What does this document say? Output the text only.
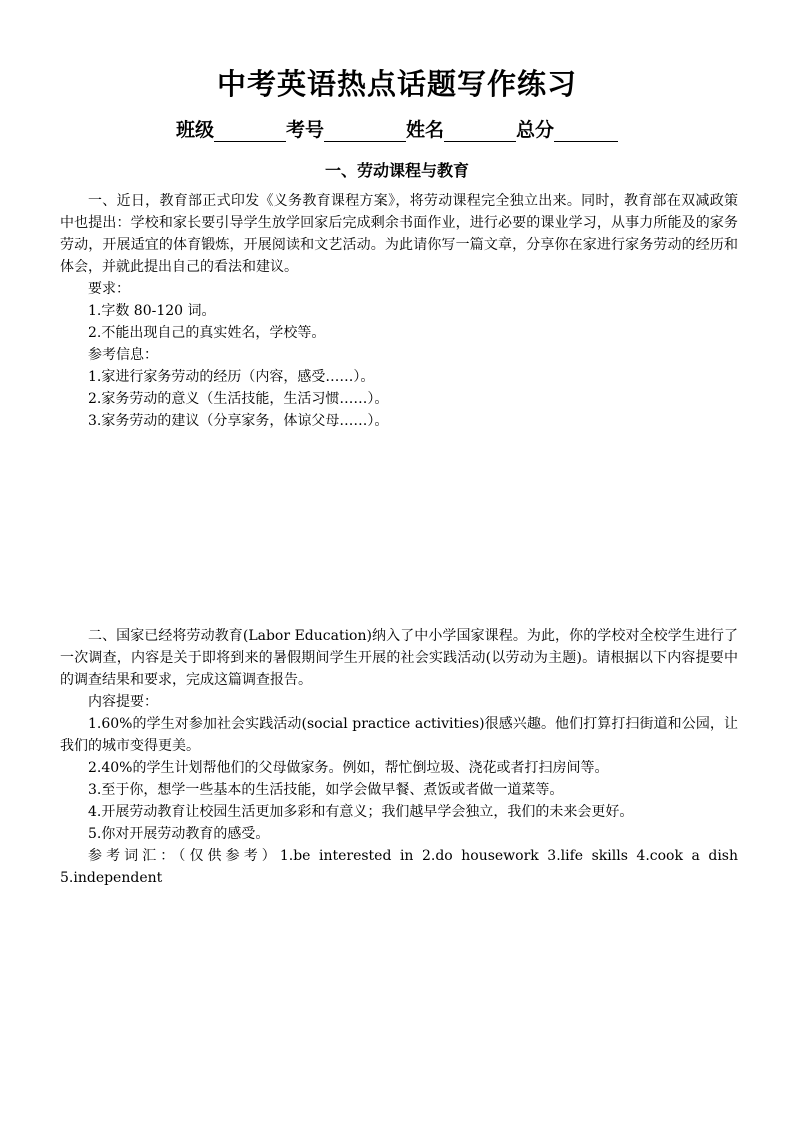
中考英语热点话题写作练习
班级	考号	姓名	总分
一、劳动课程与教育

一、近日，教育部正式印发《义务教育课程方案》，将劳动课程完全独立出来。同时，教育部在双减政策中也提出：学校和家长要引导学生放学回家后完成剩余书面作业，进行必要的课业学习，从事力所能及的家务劳动，开展适宜的体育锻炼，开展阅读和文艺活动。为此请你写一篇文章，分享你在家进行家务劳动的经历和体会，并就此提出自己的看法和建议。

要求：

1.字数 80-120 词。

2.不能出现自己的真实姓名，学校等。

参考信息：

1.家进行家务劳动的经历（内容，感受……）。

2.家务劳动的意义（生活技能，生活习惯……）。

3.家务劳动的建议（分享家务，体谅父母……）。

二、国家已经将劳动教育(Labor Education)纳入了中小学国家课程。为此，你的学校对全校学生进行了一次调查，内容是关于即将到来的暑假期间学生开展的社会实践活动(以劳动为主题)。请根据以下内容提要中的调查结果和要求，完成这篇调查报告。

内容提要：

1.60%的学生对参加社会实践活动(social practice activities)很感兴趣。他们打算打扫街道和公园，让我们的城市变得更美。

2.40%的学生计划帮他们的父母做家务。例如，帮忙倒垃圾、浇花或者打扫房间等。

3.至于你，想学一些基本的生活技能，如学会做早餐、煮饭或者做一道菜等。

4.开展劳动教育让校园生活更加多彩和有意义；我们越早学会独立，我们的未来会更好。

5.你对开展劳动教育的感受。

参考词汇：（仅供参考）1.be interested in 2.do housework 3.life skills 4.cook a dish 5.independent
